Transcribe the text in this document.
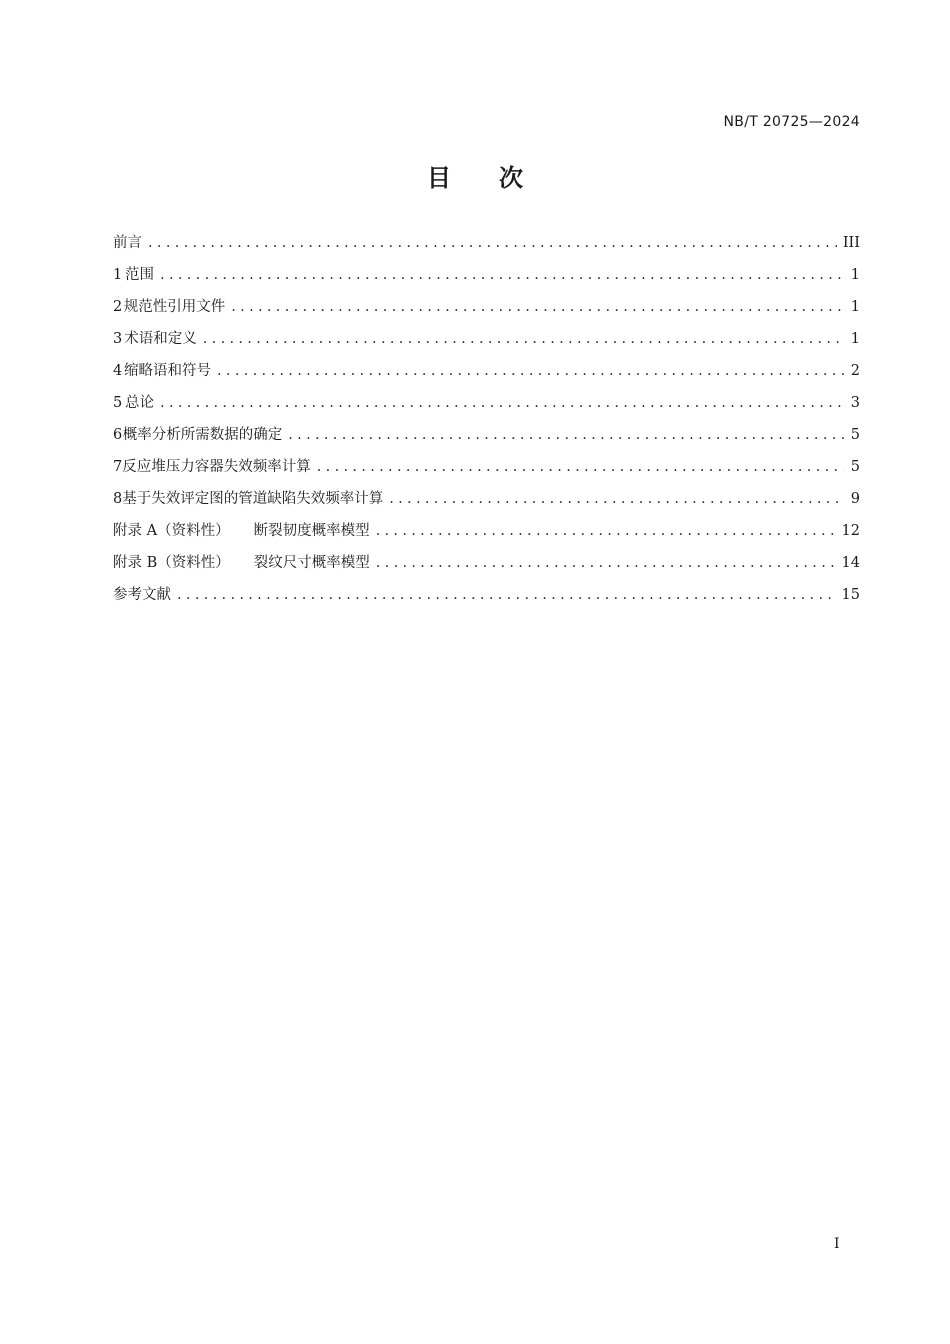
NB/T 20725—2024
目 次
前言 .....	III
1 范围 .....	1
2 规范性引用文件 .....	1
3 术语和定义 .....	1
4 缩略语和符号 .....	2
5 总论 .....	3
6 概率分析所需数据的确定 .....	5
7 反应堆压力容器失效频率计算 .....	5
8 基于失效评定图的管道缺陷失效频率计算 .....	9
附录 A（资料性） 断裂韧度概率模型 .....	12
附录 B（资料性） 裂纹尺寸概率模型 .....	14
参考文献 .....	15
I
